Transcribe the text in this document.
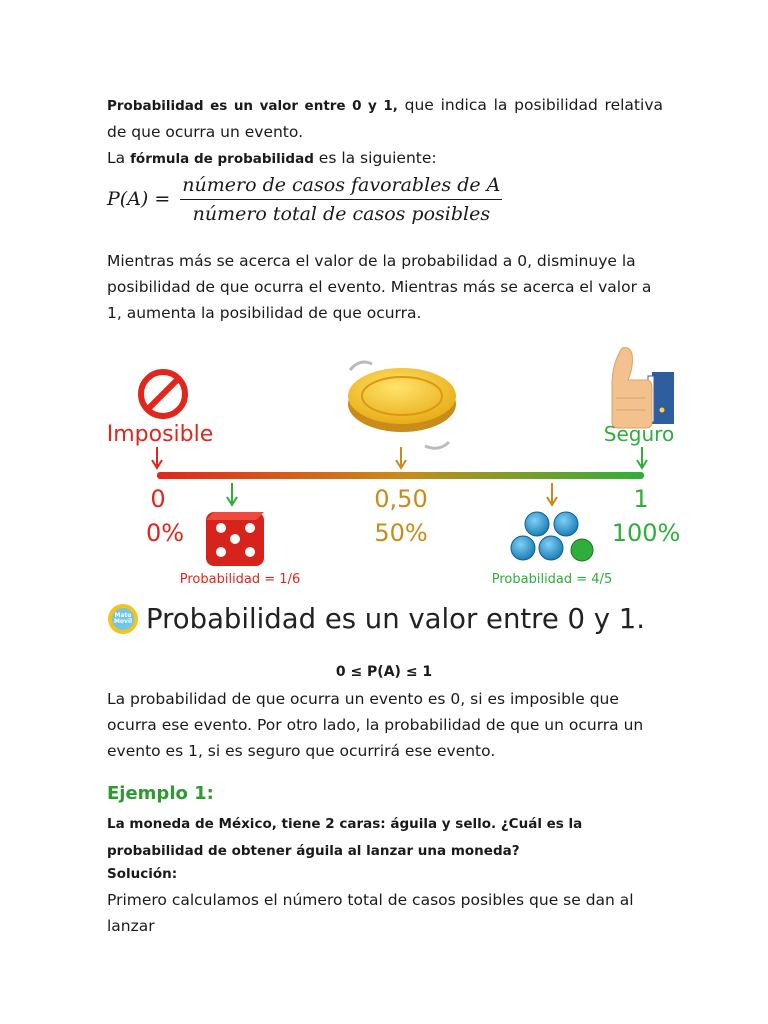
Probabilidad es un valor entre 0 y 1, que indica la posibilidad relativa de que ocurra un evento.
La fórmula de probabilidad es la siguiente:

$P(A) = \frac{\text{número de casos favorables de A}}{\text{número total de casos posibles}}$

Mientras más se acerca el valor de la probabilidad a 0, disminuye la posibilidad de que ocurra el evento. Mientras más se acerca el valor a 1, aumenta la posibilidad de que ocurra.

Imposible	Seguro
0
0%
0,50
50%
1
100%
Probabilidad = 1/6	Probabilidad = 4/5
Mate Movil Probabilidad es un valor entre 0 y 1.
0 ≤ P(A) ≤ 1

La probabilidad de que ocurra un evento es 0, si es imposible que ocurra ese evento. Por otro lado, la probabilidad de que un ocurra un evento es 1, si es seguro que ocurrirá ese evento.

Ejemplo 1:

La moneda de México, tiene 2 caras: águila y sello. ¿Cuál es la probabilidad de obtener águila al lanzar una moneda?

Solución:
Primero calculamos el número total de casos posibles que se dan al lanzar
